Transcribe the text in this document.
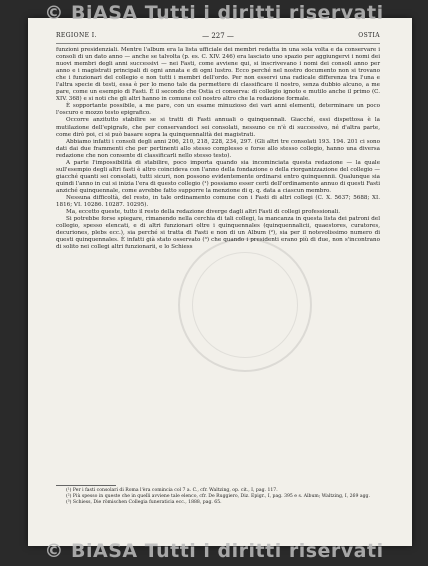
© BiASA Tutti i diritti riservati
REGIONE I.	— 227 —	OSTIA

funzioni presidenziali. Mentre l'album era la lista ufficiale dei membri redatta in una sola volta e da conservare i consoli di un dato anno — anche se talvolta (p. es. C. XIV. 246) era lasciato uno spazio per aggiungervi i nomi dei nuovi membri degli anni successivi — nei Fasti, come avviene qui, si inscrivevano i nomi dei consoli anno per anno e i magistrati principali di ogni annata e di ogni lustro. Ecco perché nel nostro documento non si trovano che i funzionari del collegio e non tutti i membri dell'ordo. Per non esservi una radicale differenza tra l'una e l'altra specie di testi, essa è per lo meno tale da permettere di classificare il nostro, senza dubbio alcuno, a me pare, come un esempio di Fasti. È il secondo che Ostia ci conserva: di collegio ignoto e mutilo anche il primo (C. XIV. 368) e si noti che gli altri hanno in comune col nostro altro che la redazione formale.

È sopportante possibile, a me pare, con un esame minuzioso dei vari anni elementi, determinare un poco l'oscuro e mozzo testo epigrafico.

Occorre anzitutto stabilire se si tratti di Fasti annuali o quinquennali. Giacché, essi dispettosa è la mutilazione dell'epigrafe, che per conservandoci sei consolati, nessuno ce n'è di successivo, né d'altra parte, come dirò poi, ci si può basare sopra la quinquennalità dei magistrati.

Abbiamo infatti i consoli degli anni 206, 210, 218, 228, 234, 297. (Gli altri tre consolati 193. 194. 201 ci sono dati dai due frammenti che per pertinenti allo stesso complesso e forse allo stesso collegio, hanno una diversa redazione che non consente di classificarli nello stesso testo).

A parte l'impossibilità di stabilire, poco importa quando sia incominciata questa redazione — la quale sull'esempio degli altri fasti è altro coincideva con l'anno della fondazione o della riorganizzazione del collegio — giacché quanti sei consolati, tutti sicuri, non possono evidentemente ordinarsi entro quinquennii. Qualunque sia quindi l'anno in cui si inizia l'era di questo collegio (¹) possiamo esser certi dell'ordinamento annuo di questi Fasti anziché quinquennale, come avrebbe fatto supporre la menzione di q. q. data a ciascun membro.

Nessuna difficoltà, del resto, in tale ordinamento comune con i Fasti di altri collegi (C. X. 5637; 5688; XI. 1816; VI. 10286. 10287. 10295).

Ma, eccetto queste, tutto il resto della redazione diverge dagli altri Fasti di collegi professionali.

Si potrebbe forse spiegare, rimanendo nella cerchia di tali collegi, la mancanza in questa lista dei patroni del collegio, spesso elencati, e di altri funzionari oltre i quinquennales (quinquennalicii, quaestores, curatores, decuriones, plebs ecc.), sia perché si tratta di Fasti e non di un Album (²), sia per il notevolissimo numero di questi quinquennales. È infatti già stato osservato (³) che quando i presidenti erano più di due, non s'incontrano di solito nei collegi altri funzionarii, e lo Schiess

(¹) Per i fasti consolari di Roma l'èra comincia col 7 a. C., cfr. Waltzing, op. cit., I, pag. 117.

(²) Più spesso in queste che in quelli avviene tale elenco, cfr. De Ruggiero, Diz. Epigr., I, pag. 395 e s. Album; Waltzing, I, 269 agg.

(³) Schiess, Die römischen Collegia funeraticia ecc., 1888, pag. 65.

© BiASA Tutti i diritti riservati
